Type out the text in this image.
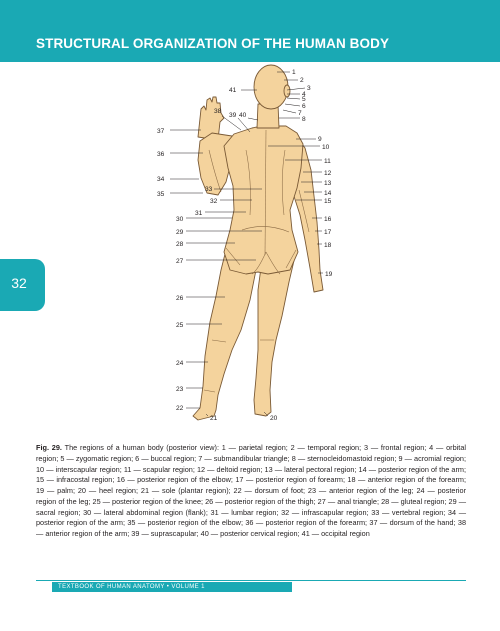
STRUCTURAL ORGANIZATION OF THE HUMAN BODY
32
1
2
3
4
5
6
7
8
9
10
11
12
13
14
15
16
17
18
19
20
21
22
23
24
25
26
27
28
29
30
31
32
33
34
35
36
37
38
39 40
41

Fig. 29. The regions of a human body (posterior view): 1 — parietal region; 2 — temporal region; 3 — frontal region; 4 — orbital region; 5 — zygomatic region; 6 — buccal region; 7 — submandibular triangle; 8 — sternocleidomastoid region; 9 — acromial region; 10 — interscapular region; 11 — scapular region; 12 — deltoid region; 13 — lateral pectoral region; 14 — posterior region of the arm; 15 — infracostal region; 16 — posterior region of the elbow; 17 — posterior region of forearm; 18 — anterior region of the forearm; 19 — palm; 20 — heel region; 21 — sole (plantar region); 22 — dorsum of foot; 23 — anterior region of the leg; 24 — posterior region of the leg; 25 — posterior region of the knee; 26 — posterior region of the thigh; 27 — anal triangle; 28 — gluteal region; 29 — sacral region; 30 — lateral abdominal region (flank); 31 — lumbar region; 32 — infrascapular region; 33 — vertebral region; 34 — posterior region of the arm; 35 — posterior region of the elbow; 36 — posterior region of the forearm; 37 — dorsum of the hand; 38 — anterior region of the arm; 39 — suprascapular; 40 — posterior cervical region; 41 — occipital region

TEXTBOOK OF HUMAN ANATOMY • VOLUME 1
